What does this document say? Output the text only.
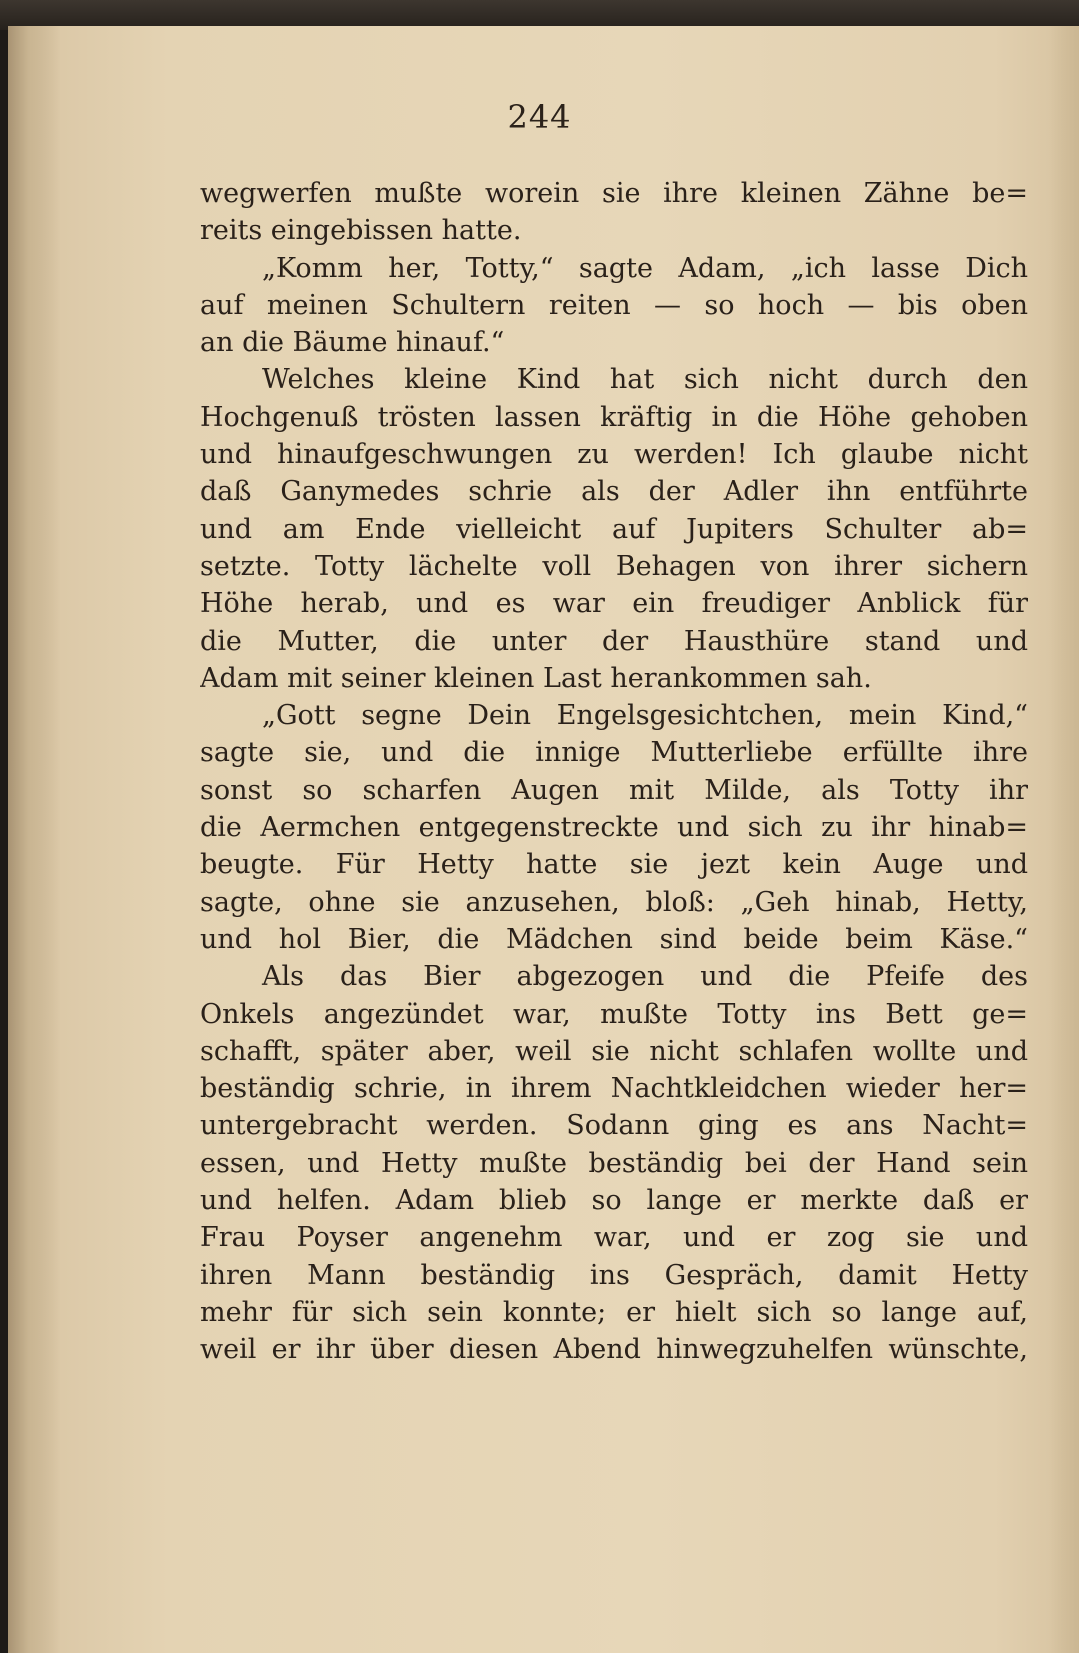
244
wegwerfen mußte worein sie ihre kleinen Zähne be=
reits eingebissen hatte.
„Komm her, Totty,“ sagte Adam, „ich lasse Dich
auf meinen Schultern reiten — so hoch — bis oben
an die Bäume hinauf.“
Welches kleine Kind hat sich nicht durch den
Hochgenuß trösten lassen kräftig in die Höhe gehoben
und hinaufgeschwungen zu werden! Ich glaube nicht
daß Ganymedes schrie als der Adler ihn entführte
und am Ende vielleicht auf Jupiters Schulter ab=
setzte. Totty lächelte voll Behagen von ihrer sichern
Höhe herab, und es war ein freudiger Anblick für
die Mutter, die unter der Hausthüre stand und
Adam mit seiner kleinen Last herankommen sah.
„Gott segne Dein Engelsgesichtchen, mein Kind,“
sagte sie, und die innige Mutterliebe erfüllte ihre
sonst so scharfen Augen mit Milde, als Totty ihr
die Aermchen entgegenstreckte und sich zu ihr hinab=
beugte. Für Hetty hatte sie jezt kein Auge und
sagte, ohne sie anzusehen, bloß: „Geh hinab, Hetty,
und hol Bier, die Mädchen sind beide beim Käse.“
Als das Bier abgezogen und die Pfeife des
Onkels angezündet war, mußte Totty ins Bett ge=
schafft, später aber, weil sie nicht schlafen wollte und
beständig schrie, in ihrem Nachtkleidchen wieder her=
untergebracht werden. Sodann ging es ans Nacht=
essen, und Hetty mußte beständig bei der Hand sein
und helfen. Adam blieb so lange er merkte daß er
Frau Poyser angenehm war, und er zog sie und
ihren Mann beständig ins Gespräch, damit Hetty
mehr für sich sein konnte; er hielt sich so lange auf,
weil er ihr über diesen Abend hinwegzuhelfen wünschte,
